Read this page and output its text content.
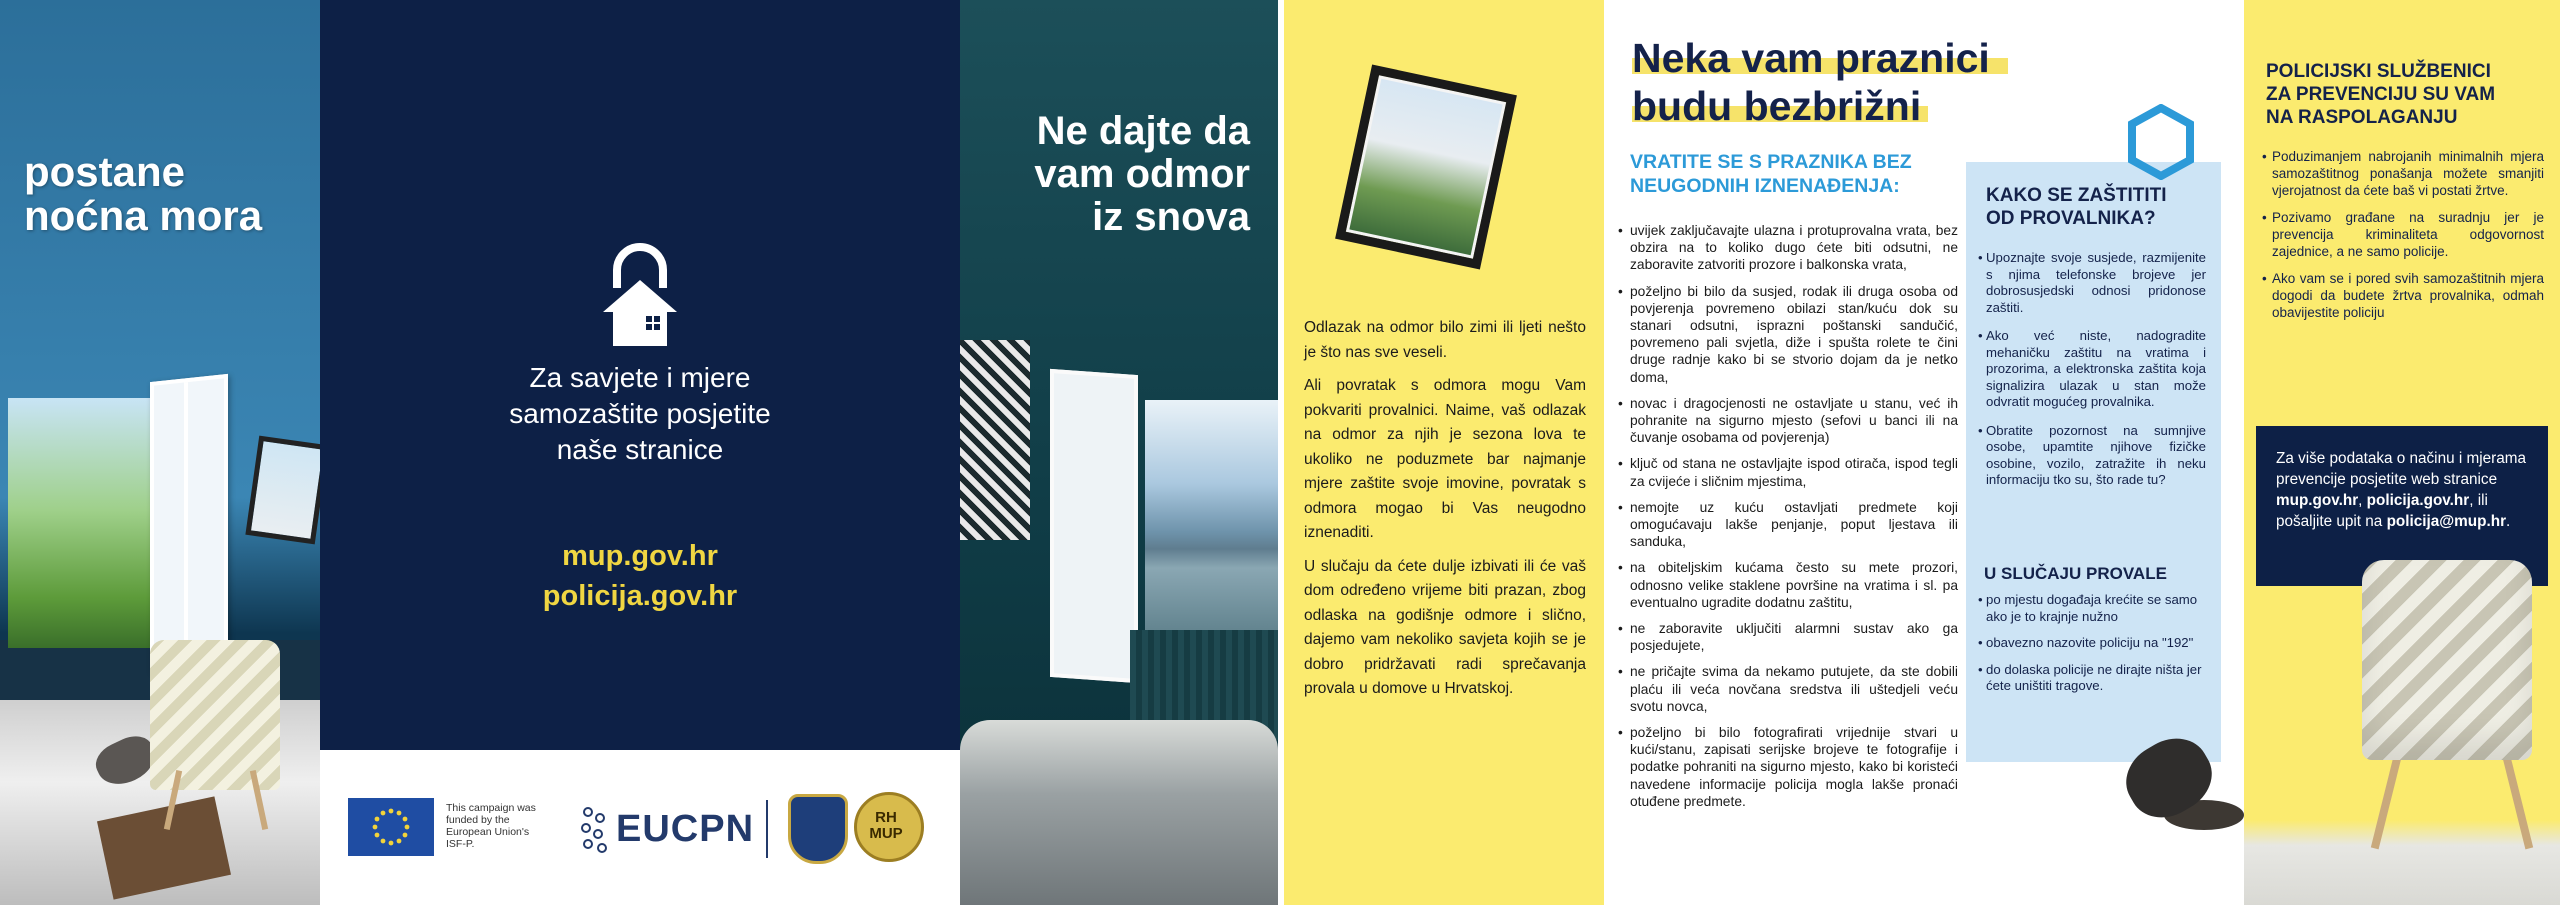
postane
noćna mora
Za savjete i mjere
samozaštite posjetite
naše stranice
mup.gov.hr
policija.gov.hr
This campaign was funded by the European Union's ISF-P.	EUCPN	RH MUP
Ne dajte da
vam odmor
iz snova

Odlazak na odmor bilo zimi ili ljeti nešto je što nas sve veseli.

Ali povratak s odmora mogu Vam pokvariti provalnici. Naime, vaš odlazak na odmor za njih je sezona lova te ukoliko ne poduzmete bar najmanje mjere zaštite svoje imovine, povratak s odmora mogao bi Vas neugodno iznenaditi.

U slučaju da ćete dulje izbivati ili će vaš dom određeno vrijeme biti prazan, zbog odlaska na godišnje odmore i slično, dajemo vam nekoliko savjeta kojih se je dobro pridržavati radi sprečavanja provala u domove u Hrvatskoj.

Neka vam praznici
budu bezbrižni
VRATITE SE S PRAZNIKA BEZ
NEUGODNIH IZNENAĐENJA:
• uvijek zaključavajte ulazna i protuprovalna vrata, bez obzira na to koliko dugo ćete biti odsutni, ne zaboravite zatvoriti prozore i balkonska vrata,
• poželjno bi bilo da susjed, rodak ili druga osoba od povjerenja povremeno obilazi stan/kuću dok su stanari odsutni, isprazni poštanski sandučić, povremeno pali svjetla, diže i spušta rolete te čini druge radnje kako bi se stvorio dojam da je netko doma,
• novac i dragocjenosti ne ostavljate u stanu, već ih pohranite na sigurno mjesto (sefovi u banci ili na čuvanje osobama od povjerenja)
• ključ od stana ne ostavljajte ispod otirača, ispod tegli za cvijeće i sličnim mjestima,
• nemojte uz kuću ostavljati predmete koji omogućavaju lakše penjanje, poput ljestava ili sanduka,
• na obiteljskim kućama često su mete prozori, odnosno velike staklene površine na vratima i sl. pa eventualno ugradite dodatnu zaštitu,
• ne zaboravite uključiti alarmni sustav ako ga posjedujete,
• ne pričajte svima da nekamo putujete, da ste dobili plaću ili veća novčana sredstva ili uštedjeli veću svotu novca,
• poželjno bi bilo fotografirati vrijednije stvari u kući/stanu, zapisati serijske brojeve te fotografije i podatke pohraniti na sigurno mjesto, kako bi koristeći navedene informacije policija mogla lakše pronaći otuđene predmete.
KAKO SE ZAŠTITITI
OD PROVALNIKA?
• Upoznajte svoje susjede, razmijenite s njima telefonske brojeve jer dobrosusjedski odnosi pridonose zaštiti.
• Ako već niste, nadogradite mehaničku zaštitu na vratima i prozorima, a elektronska zaštita koja signalizira ulazak u stan može odvratit mogućeg provalnika.
• Obratite pozornost na sumnjive osobe, upamtite njihove fizičke osobine, vozilo, zatražite ih neku informaciju tko su, što rade tu?
U SLUČAJU PROVALE
• po mjestu događaja krećite se samo ako je to krajnje nužno
• obavezno nazovite policiju na "192"
• do dolaska policije ne dirajte ništa jer ćete uništiti tragove.
POLICIJSKI SLUŽBENICI
ZA PREVENCIJU SU VAM
NA RASPOLAGANJU
• Poduzimanjem nabrojanih minimalnih mjera samozaštitnog ponašanja možete smanjiti vjerojatnost da ćete baš vi postati žrtve.
• Pozivamo građane na suradnju jer je prevencija kriminaliteta odgovornost zajednice, a ne samo policije.
• Ako vam se i pored svih samozaštitnih mjera dogodi da budete žrtva provalnika, odmah obavijestite policiju
Za više podataka o načinu i mjerama prevencije posjetite web stranice mup.gov.hr, policija.gov.hr, ili pošaljite upit na policija@mup.hr.
